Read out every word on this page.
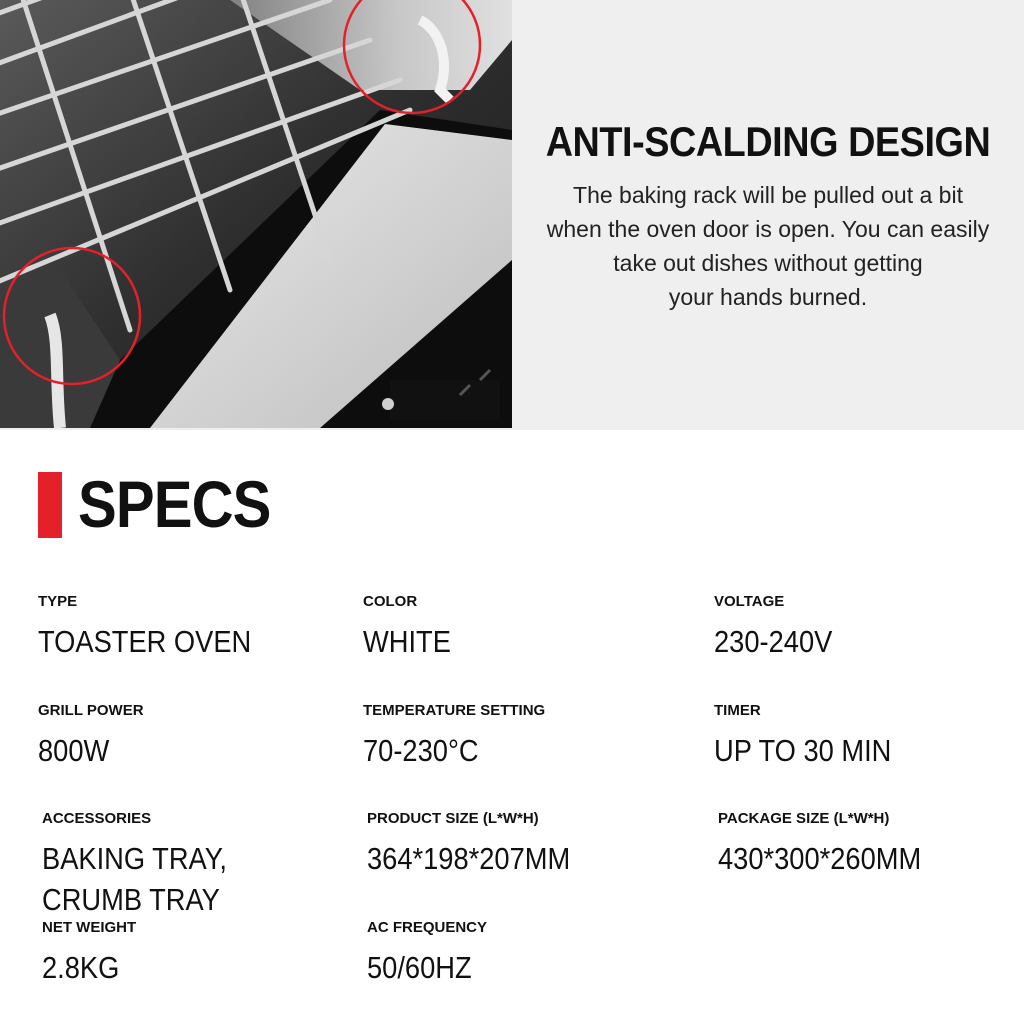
ANTI-SCALDING DESIGN
The baking rack will be pulled out a bit
when the oven door is open. You can easily
take out dishes without getting
your hands burned.
SPECS
TYPE
TOASTER OVEN
COLOR
WHITE
VOLTAGE
230-240V
GRILL POWER
800W
TEMPERATURE SETTING
70-230°C
TIMER
UP TO 30 MIN
ACCESSORIES
BAKING TRAY,
CRUMB TRAY
PRODUCT SIZE (L*W*H)
364*198*207MM
PACKAGE SIZE (L*W*H)
430*300*260MM
NET WEIGHT
2.8KG
AC FREQUENCY
50/60HZ
